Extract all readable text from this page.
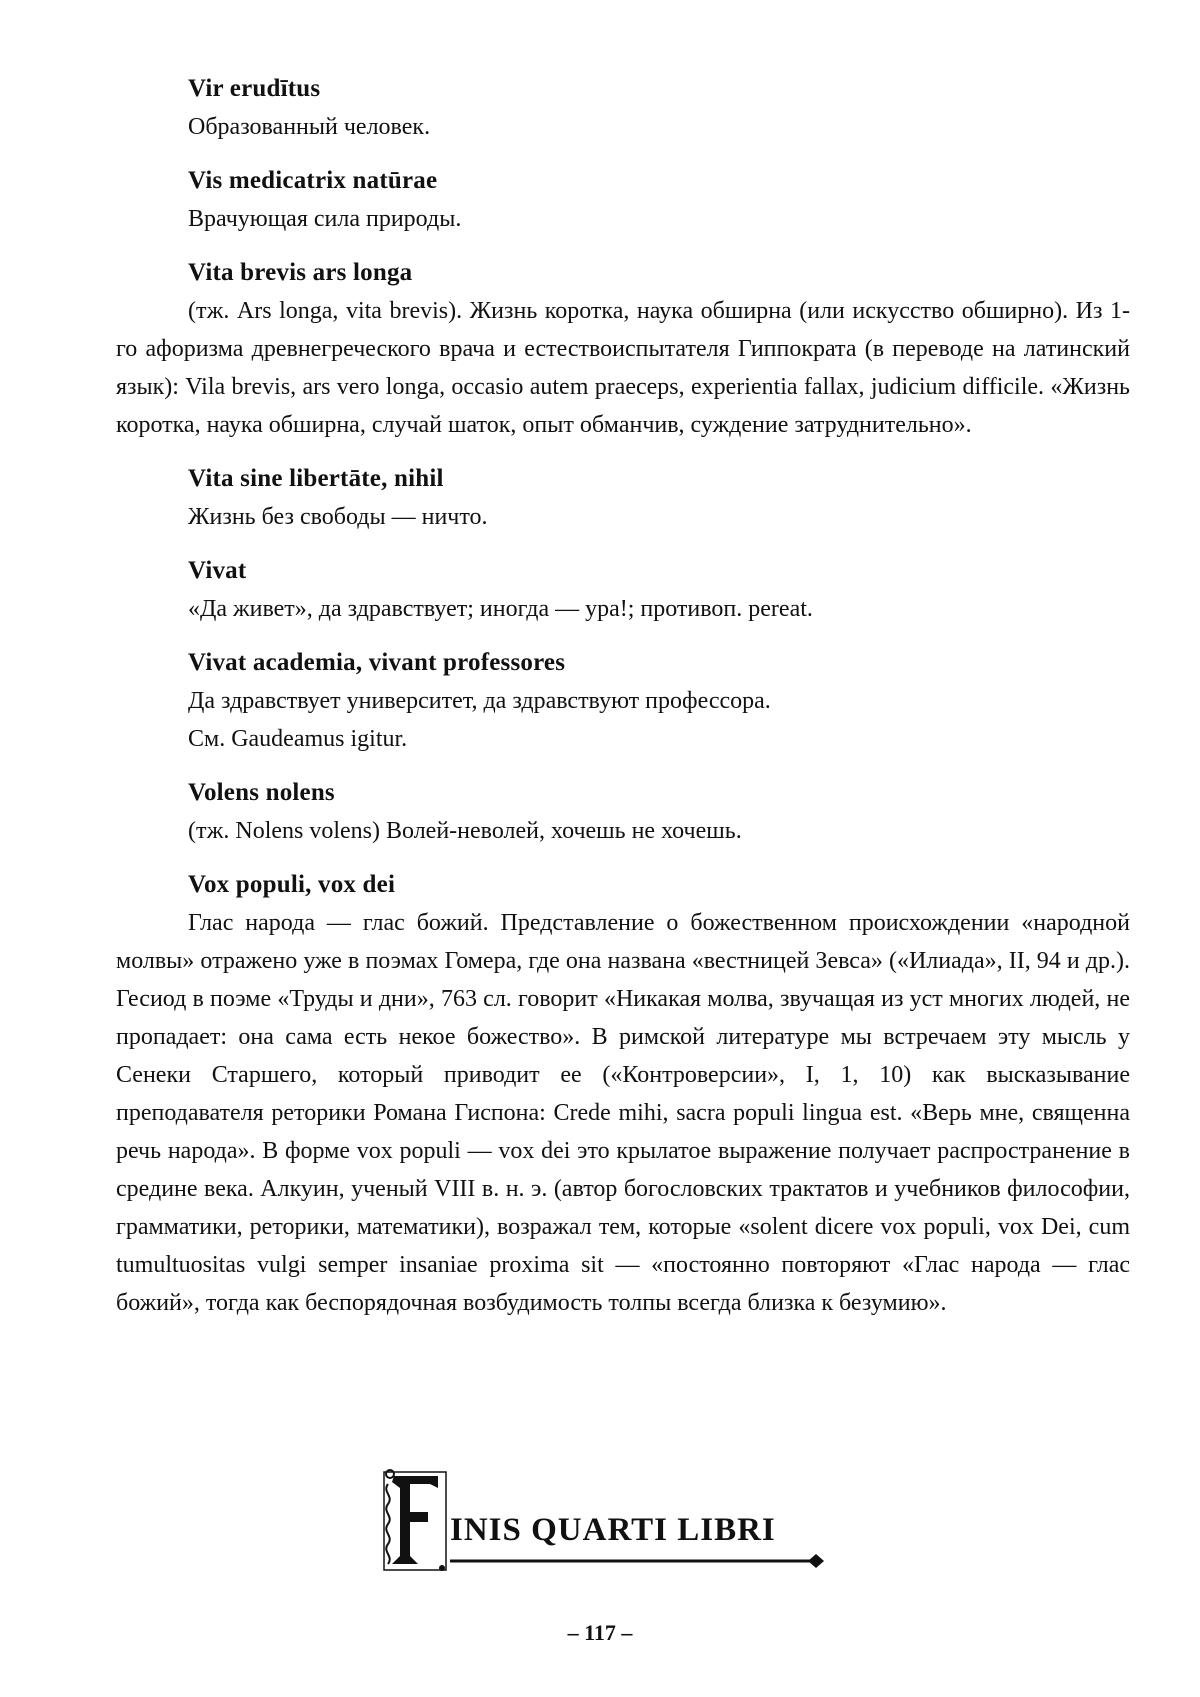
Vir erudītus

Образованный человек.

Vis medicatrix natūrae

Врачующая сила природы.

Vita brevis ars longa

(тж. Ars longa, vita brevis). Жизнь коротка, наука обширна (или искусство обширно). Из 1-го афоризма древнегреческого врача и естествоиспытателя Гиппократа (в переводе на латинский язык): Vila brevis, ars vero longa, occasio autem praeceps, experientia fallax, judicium difficile. «Жизнь коротка, наука обширна, случай шаток, опыт обманчив, суждение затруднительно».

Vita sine libertāte, nihil

Жизнь без свободы — ничто.

Vivat

«Да живет», да здравствует; иногда — ура!; противоп. pereat.

Vivat academia, vivant professores

Да здравствует университет, да здравствуют профессора.

См. Gaudeamus igitur.

Volens nolens

(тж. Nolens volens) Волей-неволей, хочешь не хочешь.

Vox populi, vox dei

Глас народа — глас божий. Представление о божественном происхождении «народной молвы» отражено уже в поэмах Гомера, где она названа «вестницей Зевса» («Илиада», II, 94 и др.). Гесиод в поэме «Труды и дни», 763 сл. говорит «Никакая молва, звучащая из уст многих людей, не пропадает: она сама есть некое божество». В римской литературе мы встречаем эту мысль у Сенеки Старшего, который приводит ее («Контроверсии», I, 1, 10) как высказывание преподавателя реторики Романа Гиспона: Crede mihi, sacra populi lingua est. «Верь мне, священна речь народа». В форме vox populi — vox dei это крылатое выражение получает распространение в средине века. Алкуин, ученый VIII в. н. э. (автор богословских трактатов и учебников философии, грамматики, реторики, математики), возражал тем, которые «solent dicere vox populi, vox Dei, cum tumultuositas vulgi semper insaniae proxima sit — «постоянно повторяют «Глас народа — глас божий», тогда как беспорядочная возбудимость толпы всегда близка к безумию».

INIS QUARTI LIBRI
– 117 –
